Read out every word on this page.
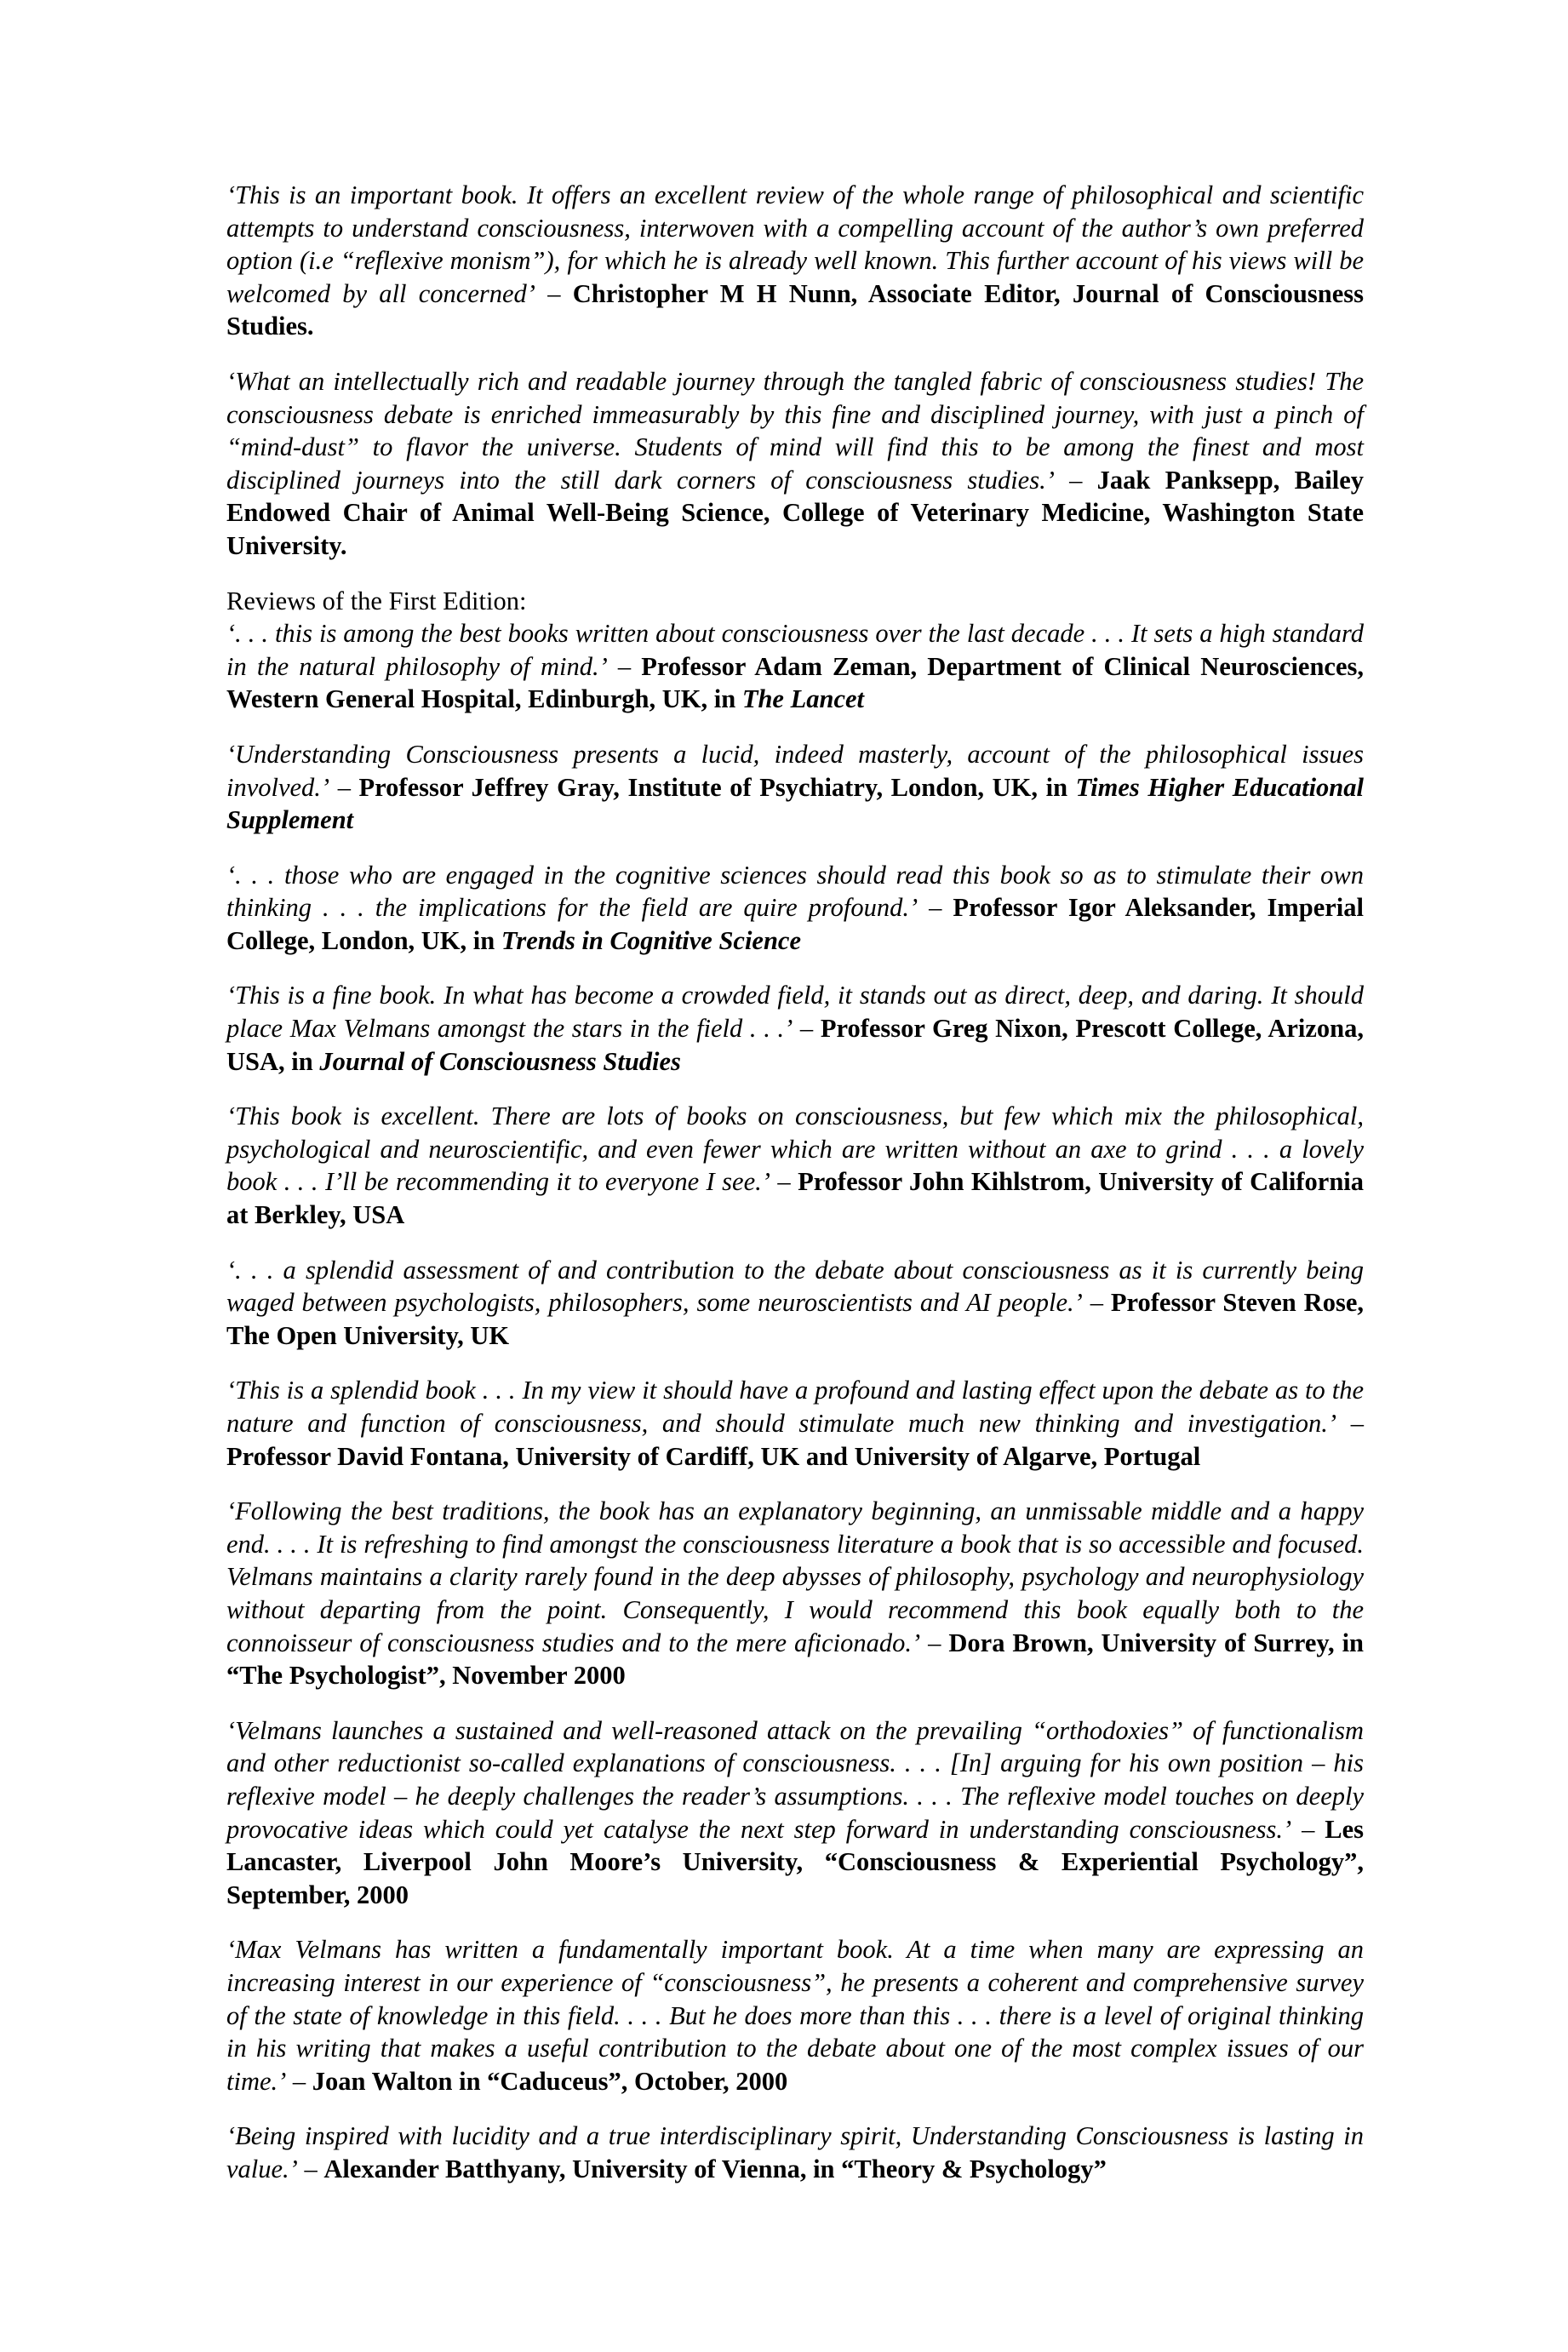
‘This is an important book. It offers an excellent review of the whole range of philosophical and scientific attempts to understand consciousness, interwoven with a compelling account of the author’s own preferred option (i.e “reflexive monism”), for which he is already well known. This further account of his views will be welcomed by all concerned’ – Christopher M H Nunn, Associate Editor, Journal of Consciousness Studies.

‘What an intellectually rich and readable journey through the tangled fabric of consciousness studies! The consciousness debate is enriched immeasurably by this fine and disciplined journey, with just a pinch of “mind-dust” to flavor the universe. Students of mind will find this to be among the finest and most disciplined journeys into the still dark corners of consciousness studies.’ – Jaak Panksepp, Bailey Endowed Chair of Animal Well-Being Science, College of Veterinary Medicine, Washington State University.

Reviews of the First Edition:

‘. . . this is among the best books written about consciousness over the last decade . . . It sets a high standard in the natural philosophy of mind.’ – Professor Adam Zeman, Department of Clinical Neurosciences, Western General Hospital, Edinburgh, UK, in The Lancet

‘Understanding Consciousness presents a lucid, indeed masterly, account of the philosophical issues involved.’ – Professor Jeffrey Gray, Institute of Psychiatry, London, UK, in Times Higher Educational Supplement

‘. . . those who are engaged in the cognitive sciences should read this book so as to stimulate their own thinking . . . the implications for the field are quire profound.’ – Professor Igor Aleksander, Imperial College, London, UK, in Trends in Cognitive Science

‘This is a fine book. In what has become a crowded field, it stands out as direct, deep, and daring. It should place Max Velmans amongst the stars in the field . . .’ – Professor Greg Nixon, Prescott College, Arizona, USA, in Journal of Consciousness Studies

‘This book is excellent. There are lots of books on consciousness, but few which mix the philosophical, psychological and neuroscientific, and even fewer which are written without an axe to grind . . . a lovely book . . . I’ll be recommending it to everyone I see.’ – Professor John Kihlstrom, University of California at Berkley, USA

‘. . . a splendid assessment of and contribution to the debate about consciousness as it is currently being waged between psychologists, philosophers, some neuroscientists and AI people.’ – Professor Steven Rose, The Open University, UK

‘This is a splendid book . . . In my view it should have a profound and lasting effect upon the debate as to the nature and function of consciousness, and should stimulate much new thinking and investigation.’ – Professor David Fontana, University of Cardiff, UK and University of Algarve, Portugal

‘Following the best traditions, the book has an explanatory beginning, an unmissable middle and a happy end. . . . It is refreshing to find amongst the consciousness literature a book that is so accessible and focused. Velmans maintains a clarity rarely found in the deep abysses of philosophy, psychology and neurophysiology without departing from the point. Consequently, I would recommend this book equally both to the connoisseur of consciousness studies and to the mere aficionado.’ – Dora Brown, University of Surrey, in “The Psychologist”, November 2000

‘Velmans launches a sustained and well-reasoned attack on the prevailing “orthodoxies” of functionalism and other reductionist so-called explanations of consciousness. . . . [In] arguing for his own position – his reflexive model – he deeply challenges the reader’s assumptions. . . . The reflexive model touches on deeply provocative ideas which could yet catalyse the next step forward in understanding consciousness.’ – Les Lancaster, Liverpool John Moore’s University, “Consciousness & Experiential Psychology”, September, 2000

‘Max Velmans has written a fundamentally important book. At a time when many are expressing an increasing interest in our experience of “consciousness”, he presents a coherent and comprehensive survey of the state of knowledge in this field. . . . But he does more than this . . . there is a level of original thinking in his writing that makes a useful contribution to the debate about one of the most complex issues of our time.’ – Joan Walton in “Caduceus”, October, 2000

‘Being inspired with lucidity and a true interdisciplinary spirit, Understanding Consciousness is lasting in value.’ – Alexander Batthyany, University of Vienna, in “Theory & Psychology”
